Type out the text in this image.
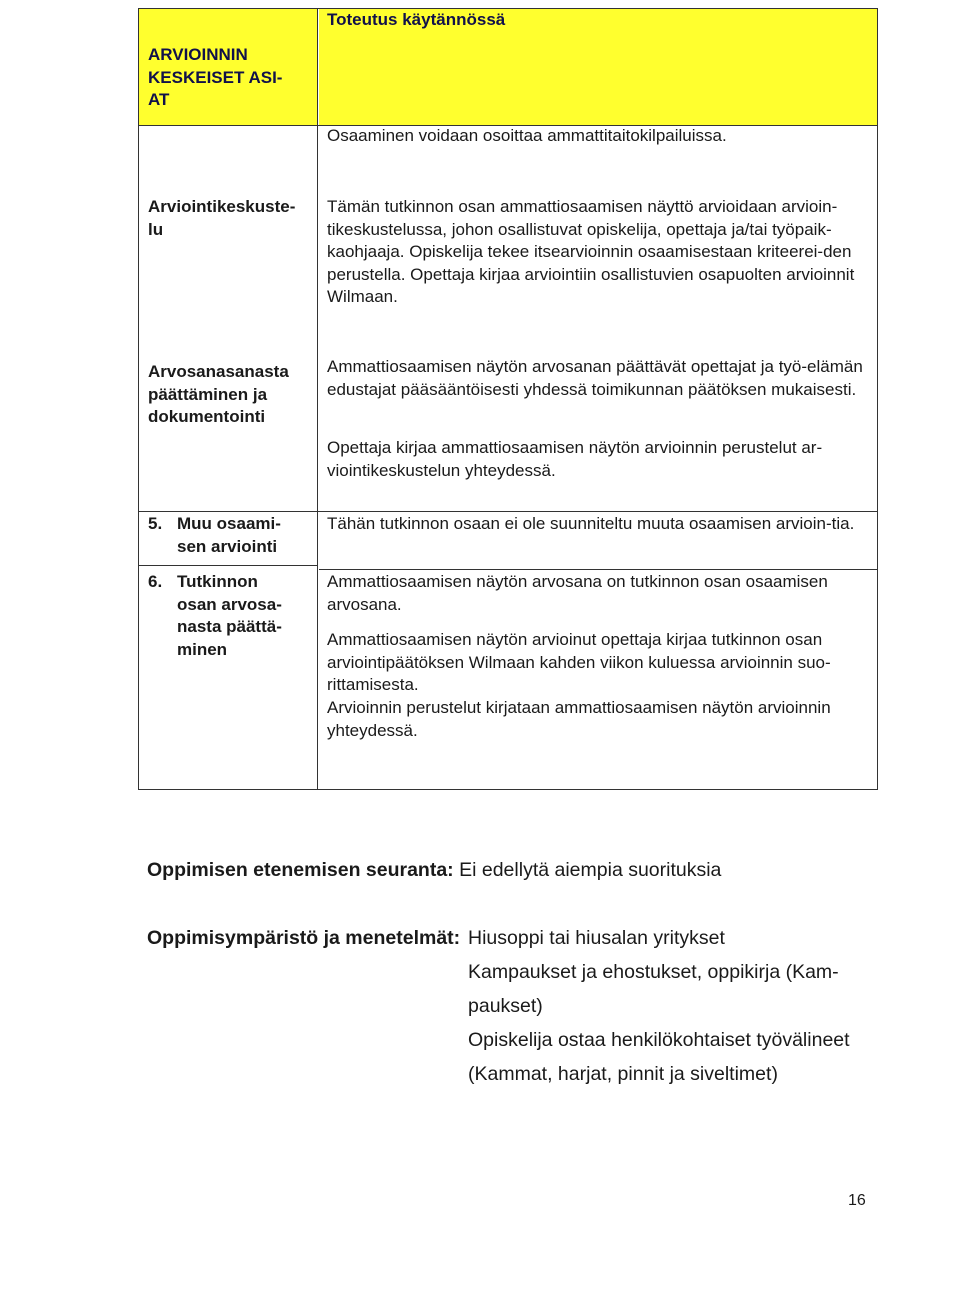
ARVIOINNIN KESKEISET ASI-AT
Toteutus käytännössä
Osaaminen voidaan osoittaa ammattitaitokilpailuissa.
Arviointikeskuste-lu
Tämän tutkinnon osan ammattiosaamisen näyttö arvioidaan arvioin-tikeskustelussa, johon osallistuvat opiskelija, opettaja ja/tai työpaik-kaohjaaja. Opiskelija tekee itsearvioinnin osaamisestaan kriteerei-den perustella. Opettaja kirjaa arviointiin osallistuvien osapuolten arvioinnit Wilmaan.
Arvosanasanasta päättäminen ja dokumentointi
Ammattiosaamisen näytön arvosanan päättävät opettajat ja työ-elämän edustajat pääsääntöisesti yhdessä toimikunnan päätöksen mukaisesti.
Opettaja kirjaa ammattiosaamisen näytön arvioinnin perustelut ar-viointikeskustelun yhteydessä.
5. Muu osaami-sen arviointi
Tähän tutkinnon osaan ei ole suunniteltu muuta osaamisen arvioin-tia.
6. Tutkinnon osan arvosa-nasta päättä-minen
Ammattiosaamisen näytön arvosana on tutkinnon osan osaamisen arvosana.
Ammattiosaamisen näytön arvioinut opettaja kirjaa tutkinnon osan arviointipäätöksen Wilmaan kahden viikon kuluessa arvioinnin suo-rittamisesta.
Arvioinnin perustelut kirjataan ammattiosaamisen näytön arvioinnin yhteydessä.
Oppimisen etenemisen seuranta: Ei edellytä aiempia suorituksia
Oppimisympäristö ja menetelmät: Hiusoppi tai hiusalan yritykset
Kampaukset ja ehostukset, oppikirja (Kam-
paukset)
Opiskelija ostaa henkilökohtaiset työvälineet
(Kammat, harjat, pinnit ja siveltimet)
16
